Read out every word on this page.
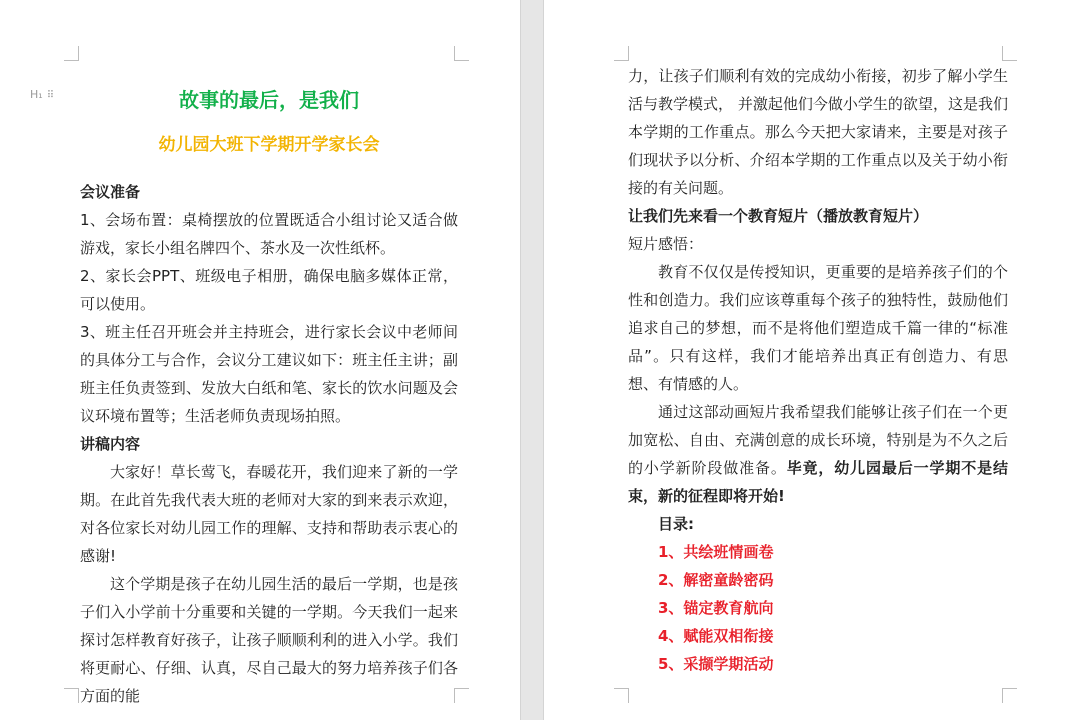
H₁ ⠿	故事的最后，是我们
幼儿园大班下学期开学家长会

会议准备

1、会场布置：桌椅摆放的位置既适合小组讨论又适合做游戏，家长小组名牌四个、茶水及一次性纸杯。

2、家长会PPT、班级电子相册，确保电脑多媒体正常，可以使用。

3、班主任召开班会并主持班会，进行家长会议中老师间的具体分工与合作，会议分工建议如下：班主任主讲；副班主任负责签到、发放大白纸和笔、家长的饮水问题及会议环境布置等；生活老师负责现场拍照。

讲稿内容

大家好！草长莺飞，春暖花开，我们迎来了新的一学期。在此首先我代表大班的老师对大家的到来表示欢迎，对各位家长对幼儿园工作的理解、支持和帮助表示衷心的感谢!

这个学期是孩子在幼儿园生活的最后一学期，也是孩子们入小学前十分重要和关键的一学期。今天我们一起来探讨怎样教育好孩子，让孩子顺顺利利的进入小学。我们将更耐心、仔细、认真，尽自己最大的努力培养孩子们各方面的能

力，让孩子们顺利有效的完成幼小衔接，初步了解小学生活与教学模式， 并激起他们今做小学生的欲望，这是我们本学期的工作重点。那么今天把大家请来，主要是对孩子们现状予以分析、介绍本学期的工作重点以及关于幼小衔接的有关问题。

让我们先来看一个教育短片（播放教育短片）

短片感悟：

教育不仅仅是传授知识，更重要的是培养孩子们的个性和创造力。我们应该尊重每个孩子的独特性，鼓励他们追求自己的梦想，而不是将他们塑造成千篇一律的“标准品”。只有这样，我们才能培养出真正有创造力、有思想、有情感的人。

通过这部动画短片我希望我们能够让孩子们在一个更加宽松、自由、充满创意的成长环境，特别是为不久之后的小学新阶段做准备。毕竟，幼儿园最后一学期不是结束，新的征程即将开始!

目录:
1、共绘班情画卷
2、解密童龄密码
3、锚定教育航向
4、赋能双相衔接
5、采撷学期活动
